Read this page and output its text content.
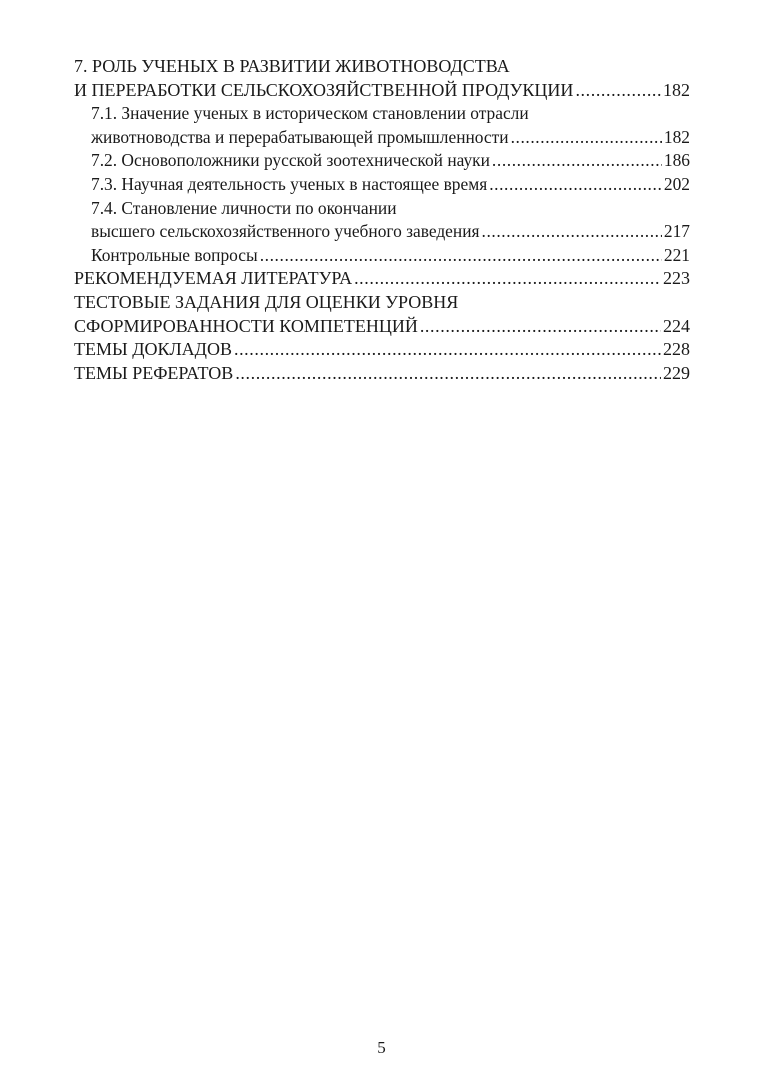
7. РОЛЬ УЧЕНЫХ В РАЗВИТИИ ЖИВОТНОВОДСТВА
И ПЕРЕРАБОТКИ СЕЛЬСКОХОЗЯЙСТВЕННОЙ ПРОДУКЦИИ .....	182
7.1. Значение ученых в историческом становлении отрасли
животноводства и перерабатывающей промышленности .....	182
7.2. Основоположники русской зоотехнической науки .....	186
7.3. Научная деятельность ученых в настоящее время .....	202
7.4. Становление личности по окончании
высшего сельскохозяйственного учебного заведения .....	217
Контрольные вопросы .....	221
РЕКОМЕНДУЕМАЯ ЛИТЕРАТУРА .....	223
ТЕСТОВЫЕ ЗАДАНИЯ ДЛЯ ОЦЕНКИ УРОВНЯ
СФОРМИРОВАННОСТИ КОМПЕТЕНЦИЙ .....	224
ТЕМЫ ДОКЛАДОВ .....	228
ТЕМЫ РЕФЕРАТОВ .....	229
5
